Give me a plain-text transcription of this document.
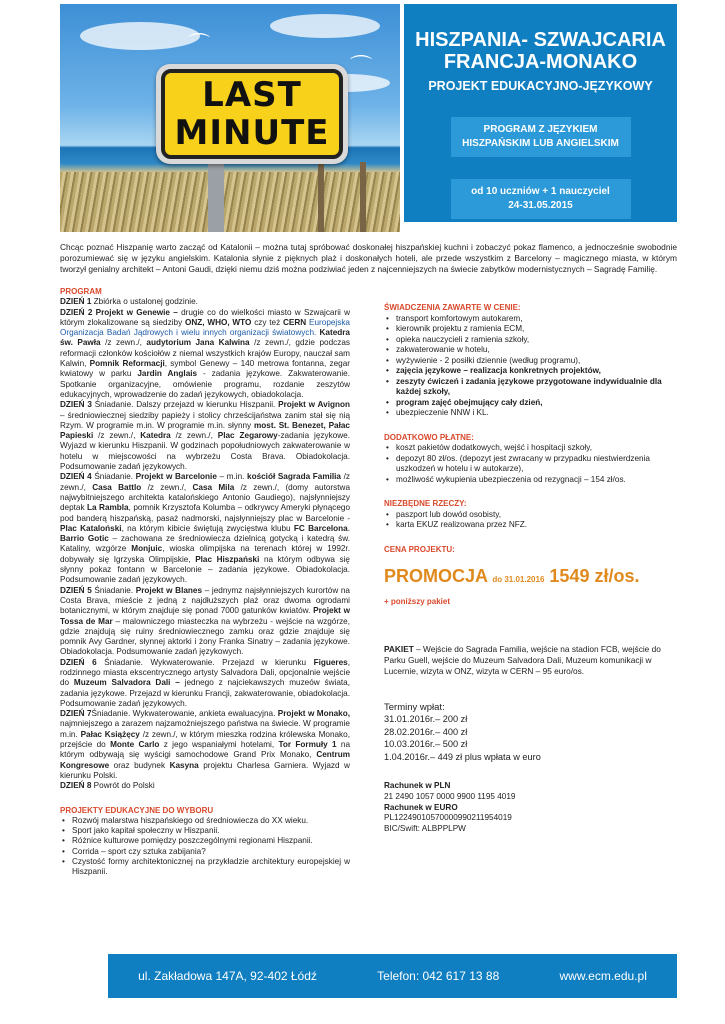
⌒
⌒
LAST
MINUTE
HISZPANIA- SZWAJCARIA
FRANCJA-MONAKO
PROJEKT EDUKACYJNO-JĘZYKOWY
PROGRAM Z JĘZYKIEM
HISZPAŃSKIM LUB ANGIELSKIM
od 10 uczniów + 1 nauczyciel
24-31.05.2015
Chcąc poznać Hiszpanię warto zacząć od Katalonii – można tutaj spróbować doskonałej hiszpańskiej kuchni i zobaczyć pokaz flamenco, a jednocześnie swobodnie porozumiewać się w języku angielskim. Katalonia słynie z pięknych plaż i doskonałych hoteli, ale przede wszystkim z Barcelony – magicznego miasta, w którym tworzył genialny architekt – Antoni Gaudi, dzięki niemu dziś można podziwiać jeden z najcenniejszych na świecie zabytków modernistycznych – Sagradę Familię.
PROGRAM

DZIEŃ 1 Zbiórka o ustalonej godzinie.

DZIEŃ 2 Projekt w Genewie – drugie co do wielkości miasto w Szwajcarii w którym zlokalizowane są siedziby ONZ, WHO, WTO czy też CERN Europejska Organizacja Badań Jądrowych i wielu innych organizacji światowych. Katedra św. Pawła /z zewn./, audytorium Jana Kalwina /z zewn./, gdzie podczas reformacji członków kościołów z niemal wszystkich krajów Europy, nauczał sam Kalwin, Pomnik Reformacji, symbol Genewy – 140 metrowa fontanna, zegar kwiatowy w parku Jardin Anglais - zadania językowe. Zakwaterowanie. Spotkanie organizacyjne, omówienie programu, rozdanie zeszytów edukacyjnych, wprowadzenie do zadań językowych, obiadokolacja.

DZIEŃ 3 Śniadanie. Dalszy przejazd w kierunku Hiszpanii. Projekt w Avignon – średniowiecznej siedziby papieży i stolicy chrześcijaństwa zanim stał się nią Rzym. W programie m.in. W programie m.in. słynny most. St. Benezet, Pałac Papieski /z zewn./, Katedra /z zewn./, Plac Zegarowy-zadania językowe. Wyjazd w kierunku Hiszpanii. W godzinach popołudniowych zakwaterowanie w hotelu w miejscowości na wybrzeżu Costa Brava. Obiadokolacja. Podsumowanie zadań językowych.

DZIEŃ 4 Śniadanie. Projekt w Barcelonie – m.in. kościół Sagrada Familia /z zewn./, Casa Battlo /z zewn./, Casa Mila /z zewn./, (domy autorstwa najwybitniejszego architekta katalońskiego Antonio Gaudiego), najsłynniejszy deptak La Rambla, pomnik Krzysztofa Kolumba – odkrywcy Ameryki płynącego pod banderą hiszpańską, pasaż nadmorski, najsłynniejszy plac w Barcelonie - Plac Kataloński, na którym kibicie świętują zwycięstwa klubu FC Barcelona. Barrio Gotic – zachowana ze średniowiecza dzielnicą gotycką i katedrą św. Kataliny, wzgórze Monjuic, wioska olimpijska na terenach której w 1992r. dobywały się Igrzyska Olimpijskie, Plac Hiszpański na którym odbywa się słynny pokaz fontann w Barcelonie – zadania językowe. Obiadokolacja. Podsumowanie zadań językowych.

DZIEŃ 5 Śniadanie. Projekt w Blanes – jednymz najsłynniejszych kurortów na Costa Brava, mieście z jedną z najdłuższych plaż oraz dwoma ogrodami botanicznymi, w którym znajduje się ponad 7000 gatunków kwiatów. Projekt w Tossa de Mar – malowniczego miasteczka na wybrzeżu - wejście na wzgórze, gdzie znajdują się ruiny średniowiecznego zamku oraz gdzie znajduje się pomnik Avy Gardner, słynnej aktorki i żony Franka Sinatry – zadania językowe. Obiadokolacja. Podsumowanie zadań językowych.

DZIEŃ 6 Śniadanie. Wykwaterowanie. Przejazd w kierunku Figueres, rodzinnego miasta ekscentrycznego artysty Salvadora Dali, opcjonalnie wejście do Muzeum Salvadora Dali – jednego z najciekawszych muzeów świata, zadania językowe. Przejazd w kierunku Francji, zakwaterowanie, obiadokolacja. Podsumowanie zadań językowych.

DZIEŃ 7Śniadanie. Wykwaterowanie, ankieta ewaluacyjna. Projekt w Monako, najmniejszego a zarazem najzamożniejszego państwa na świecie. W programie m.in. Pałac Książęcy /z zewn./, w którym mieszka rodzina królewska Monako, przejście do Monte Carlo z jego wspaniałymi hotelami, Tor Formuły 1 na którym odbywają się wyścigi samochodowe Grand Prix Monako, Centrum Kongresowe oraz budynek Kasyna projektu Charlesa Garniera. Wyjazd w kierunku Polski.

DZIEŃ 8 Powrót do Polski

PROJEKTY EDUKACYJNE DO WYBORU
• Rozwój malarstwa hiszpańskiego od średniowiecza do XX wieku.
• Sport jako kapitał społeczny w Hiszpanii.
• Różnice kulturowe pomiędzy poszczególnymi regionami Hiszpanii.
• Corrida – sport czy sztuka zabijania?
• Czystość formy architektonicznej na przykładzie architektury europejskiej w Hiszpanii.
ŚWIADCZENIA ZAWARTE W CENIE:
• transport komfortowym autokarem,
• kierownik projektu z ramienia ECM,
• opieka nauczycieli z ramienia szkoły,
• zakwaterowanie w hotelu,
• wyżywienie - 2 posiłki dziennie (według programu),
• zajęcia językowe – realizacja konkretnych projektów,
• zeszyty ćwiczeń i zadania językowe przygotowane indywidualnie dla każdej szkoły,
• program zajęć obejmujący cały dzień,
• ubezpieczenie NNW i KL.
DODATKOWO PŁATNE:
• koszt pakietów dodatkowych, wejść i hospitacji szkoły,
• depozyt 80 zł/os. (depozyt jest zwracany w przypadku niestwierdzenia uszkodzeń w hotelu i w autokarze),
• możliwość wykupienia ubezpieczenia od rezygnacji – 154 zł/os.
NIEZBĘDNE RZECZY:
• paszport lub dowód osobisty,
• karta EKUZ realizowana przez NFZ.
CENA PROJEKTU:
PROMOCJA do 31.01.2016 1549 zł/os.
+ poniższy pakiet
PAKIET – Wejście do Sagrada Familia, wejście na stadion FCB, wejście do Parku Guell, wejście do Muzeum Salvadora Dali, Muzeum komunikacji w Lucernie, wizyta w ONZ, wizyta w CERN – 95 euro/os.
Terminy wpłat:
31.01.2016r.– 200 zł
28.02.2016r.– 400 zł
10.03.2016r.– 500 zł
1.04.2016r.– 449 zł plus wpłata w euro
Rachunek w PLN
21 2490 1057 0000 9900 1195 4019
Rachunek w EURO
PL12249010570000990211954019
BIC/Swift: ALBPPLPW
ul. Zakładowa 147A, 92-402 Łódź	Telefon: 042 617 13 88	www.ecm.edu.pl
